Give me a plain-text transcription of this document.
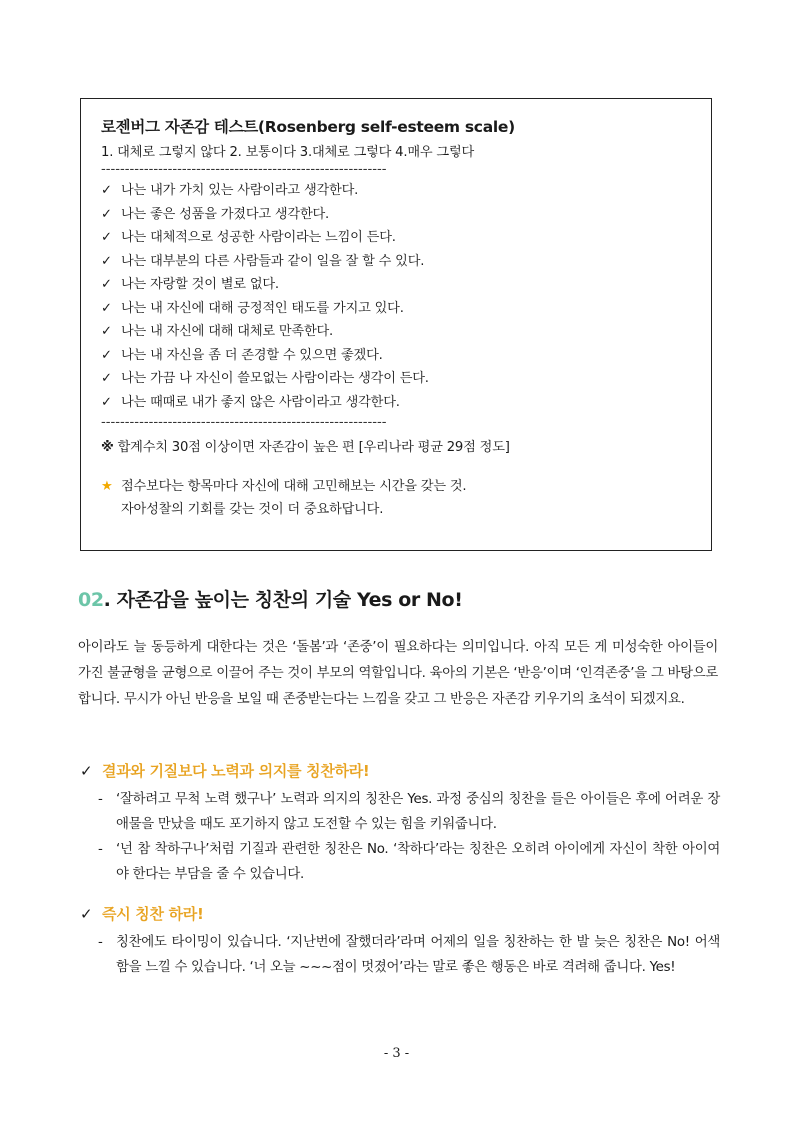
로젠버그 자존감 테스트(Rosenberg self-esteem scale)
1. 대체로 그렇지 않다 2. 보통이다 3.대체로 그렇다 4.매우 그렇다
------------------------------------------------------------
✓ 나는 내가 가치 있는 사람이라고 생각한다.
✓ 나는 좋은 성품을 가졌다고 생각한다.
✓ 나는 대체적으로 성공한 사람이라는 느낌이 든다.
✓ 나는 대부분의 다른 사람들과 같이 일을 잘 할 수 있다.
✓ 나는 자랑할 것이 별로 없다.
✓ 나는 내 자신에 대해 긍정적인 태도를 가지고 있다.
✓ 나는 내 자신에 대해 대체로 만족한다.
✓ 나는 내 자신을 좀 더 존경할 수 있으면 좋겠다.
✓ 나는 가끔 나 자신이 쓸모없는 사람이라는 생각이 든다.
✓ 나는 때때로 내가 좋지 않은 사람이라고 생각한다.
------------------------------------------------------------
※ 합계수치 30점 이상이면 자존감이 높은 편 [우리나라 평균 29점 정도]
★ 점수보다는 항목마다 자신에 대해 고민해보는 시간을 갖는 것.
자아성찰의 기회를 갖는 것이 더 중요하답니다.
02. 자존감을 높이는 칭찬의 기술 Yes or No!
아이라도 늘 동등하게 대한다는 것은 ‘돌봄’과 ‘존중’이 필요하다는 의미입니다. 아직 모든 게 미성숙한 아이들이 가진 불균형을 균형으로 이끌어 주는 것이 부모의 역할입니다. 육아의 기본은 ‘반응’이며 ‘인격존중’을 그 바탕으로 합니다. 무시가 아닌 반응을 보일 때 존중받는다는 느낌을 갖고 그 반응은 자존감 키우기의 초석이 되겠지요.
✓ 결과와 기질보다 노력과 의지를 칭찬하라!
- ‘잘하려고 무척 노력 했구나’ 노력과 의지의 칭찬은 Yes. 과정 중심의 칭찬을 들은 아이들은 후에 어려운 장애물을 만났을 때도 포기하지 않고 도전할 수 있는 힘을 키워줍니다.
- ‘넌 참 착하구나’처럼 기질과 관련한 칭찬은 No. ‘착하다’라는 칭찬은 오히려 아이에게 자신이 착한 아이여야 한다는 부담을 줄 수 있습니다.
✓ 즉시 칭찬 하라!
- 칭찬에도 타이밍이 있습니다. ‘지난번에 잘했더라’라며 어제의 일을 칭찬하는 한 발 늦은 칭찬은 No! 어색함을 느낄 수 있습니다. ‘너 오늘 ~~~점이 멋졌어’라는 말로 좋은 행동은 바로 격려해 줍니다. Yes!
- 3 -
